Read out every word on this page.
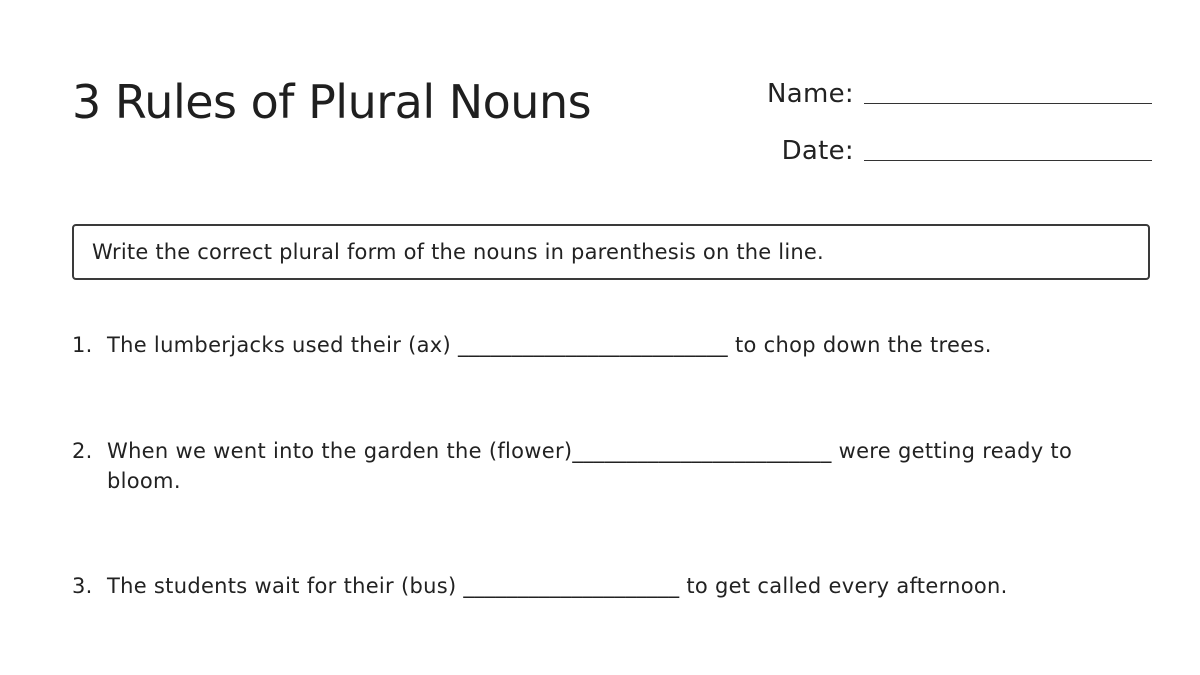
3 Rules of Plural Nouns	Name:
Date:
Write the correct plural form of the nouns in parenthesis on the line.
1. The lumberjacks used their (ax) _________________________ to chop down the trees.
2. When we went into the garden the (flower)________________________ were getting ready to bloom.
3. The students wait for their (bus) ____________________ to get called every afternoon.
